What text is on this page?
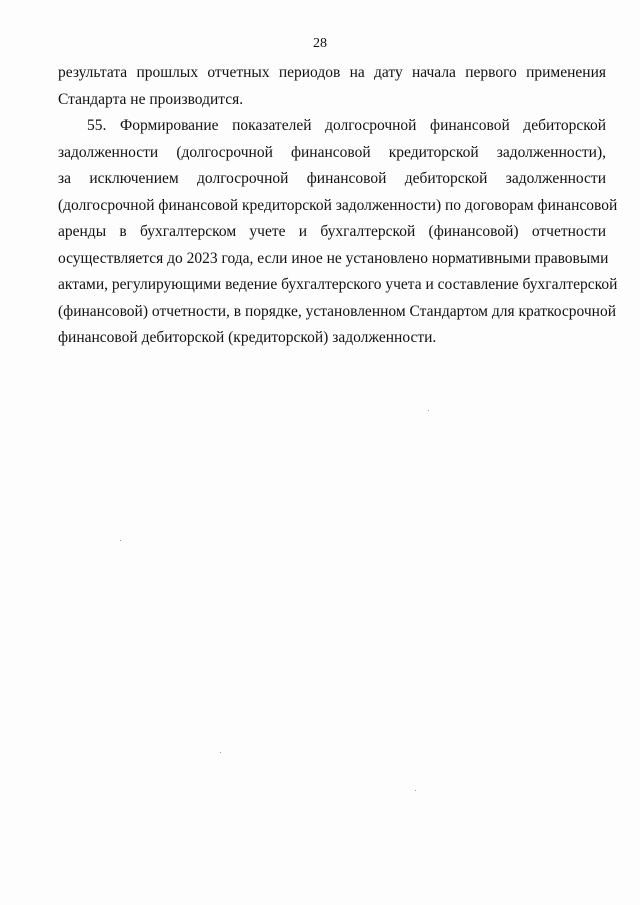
28
результата прошлых отчетных периодов на дату начала первого применения
Стандарта не производится.
55. Формирование показателей долгосрочной финансовой дебиторской
задолженности (долгосрочной финансовой кредиторской задолженности),
за исключением долгосрочной финансовой дебиторской задолженности
(долгосрочной финансовой кредиторской задолженности) по договорам финансовой
аренды в бухгалтерском учете и бухгалтерской (финансовой) отчетности
осуществляется до 2023 года, если иное не установлено нормативными правовыми
актами, регулирующими ведение бухгалтерского учета и составление бухгалтерской
(финансовой) отчетности, в порядке, установленном Стандартом для краткосрочной
финансовой дебиторской (кредиторской) задолженности.
